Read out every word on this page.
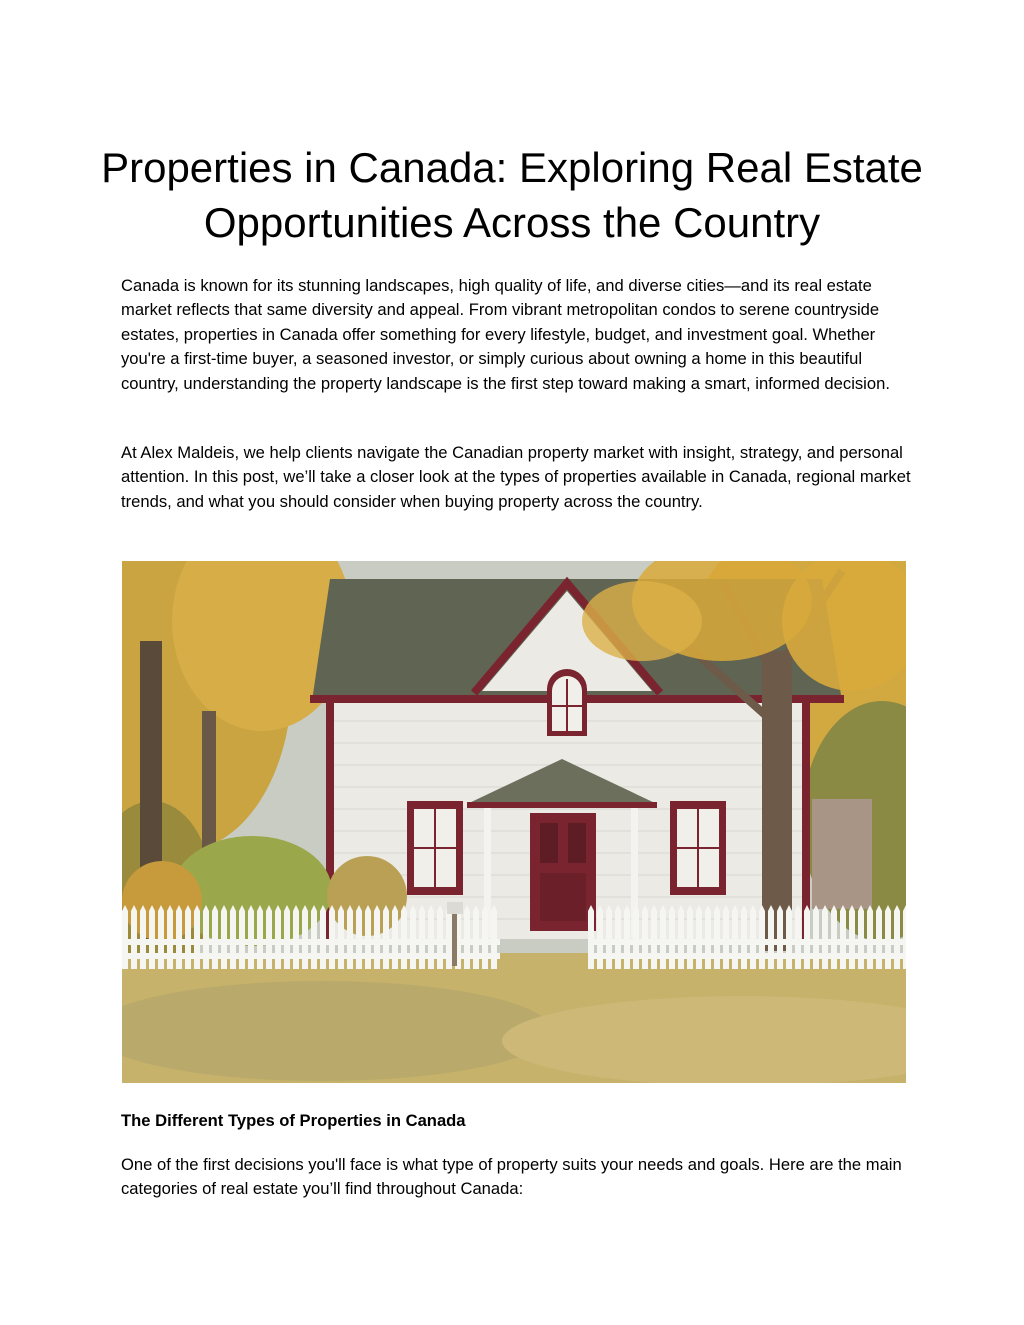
Properties in Canada: Exploring Real Estate Opportunities Across the Country

Canada is known for its stunning landscapes, high quality of life, and diverse cities—and its real estate market reflects that same diversity and appeal. From vibrant metropolitan condos to serene countryside estates, properties in Canada offer something for every lifestyle, budget, and investment goal. Whether you're a first-time buyer, a seasoned investor, or simply curious about owning a home in this beautiful country, understanding the property landscape is the first step toward making a smart, informed decision.

At Alex Maldeis, we help clients navigate the Canadian property market with insight, strategy, and personal attention. In this post, we’ll take a closer look at the types of properties available in Canada, regional market trends, and what you should consider when buying property across the country.

The Different Types of Properties in Canada

One of the first decisions you'll face is what type of property suits your needs and goals. Here are the main categories of real estate you’ll find throughout Canada:
